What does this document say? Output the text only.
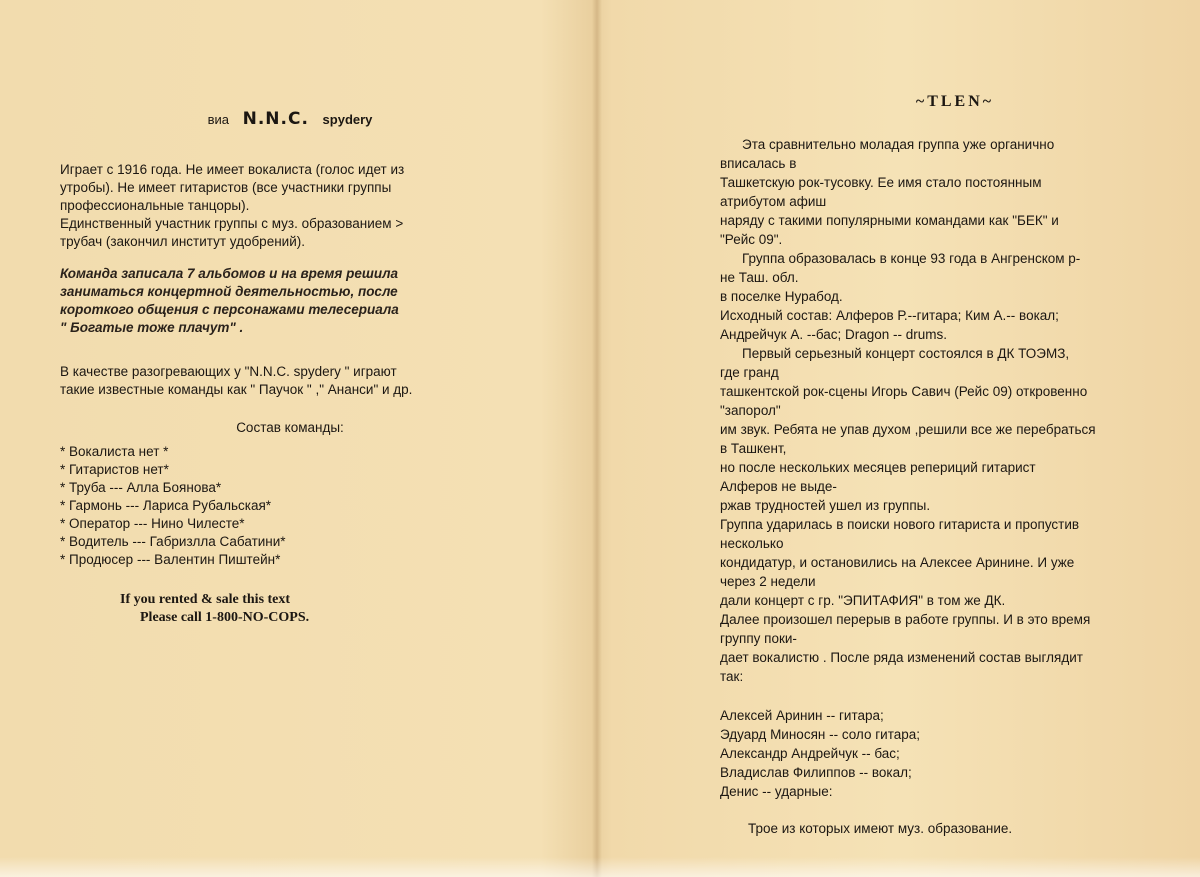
виа N.N.C. spydery
Играет с 1916 года. Не имеет вокалиста (голос идет из
утробы). Не имеет гитаристов (все участники группы
профессиональные танцоры).
Единственный участник группы с муз. образованием >
трубач (закончил институт удобрений).
Команда записала 7 альбомов и на время решила
заниматься концертной деятельностью, после
короткого общения с персонажами телесериала
" Богатые тоже плачут" .
В качестве разогревающих у "N.N.C. spydery " играют
такие известные команды как " Паучок " ," Ананси" и др.
Состав команды:
* Вокалиста нет *
* Гитаристов нет*
* Труба --- Алла Боянова*
* Гармонь --- Лариса Рубальская*
* Оператор --- Нино Чилесте*
* Водитель --- Габризлла Сабатини*
* Продюсер --- Валентин Пиштейн*
If you rented & sale this text
Please call 1-800-NO-COPS.
~TLEN~
Эта сравнительно моладая группа уже органично
вписалась в
Ташкетскую рок-тусовку. Ее имя стало постоянным
атрибутом афиш
наряду с такими популярными командами как "БЕК" и
"Рейс 09".
Группа образовалась в конце 93 года в Ангренском р-
не Таш. обл.
в поселке Нурабод.
Исходный состав: Алферов Р.--гитара; Ким А.-- вокал;
Андрейчук А. --бас; Dragon -- drums.
Первый серьезный концерт состоялся в ДК ТОЭМЗ,
где гранд
ташкентской рок-сцены Игорь Савич (Рейс 09) откровенно
"запорол"
им звук. Ребята не упав духом ,решили все же перебраться
в Ташкент,
но после нескольких месяцев репериций гитарист
Алферов не выде-
ржав трудностей ушел из группы.
Группа ударилась в поиски нового гитариста и пропустив
несколько
кондидатур, и остановились на Алексее Аринине. И уже
через 2 недели
дали концерт с гр. "ЭПИТАФИЯ" в том же ДК.
Далее произошел перерыв в работе группы. И в это время
группу поки-
дает вокалистю . После ряда изменений состав выглядит
так:
Алексей Аринин -- гитара;
Эдуард Миносян -- соло гитара;
Александр Андрейчук -- бас;
Владислав Филиппов -- вокал;
Денис -- ударные:
Трое из которых имеют муз. образование.
